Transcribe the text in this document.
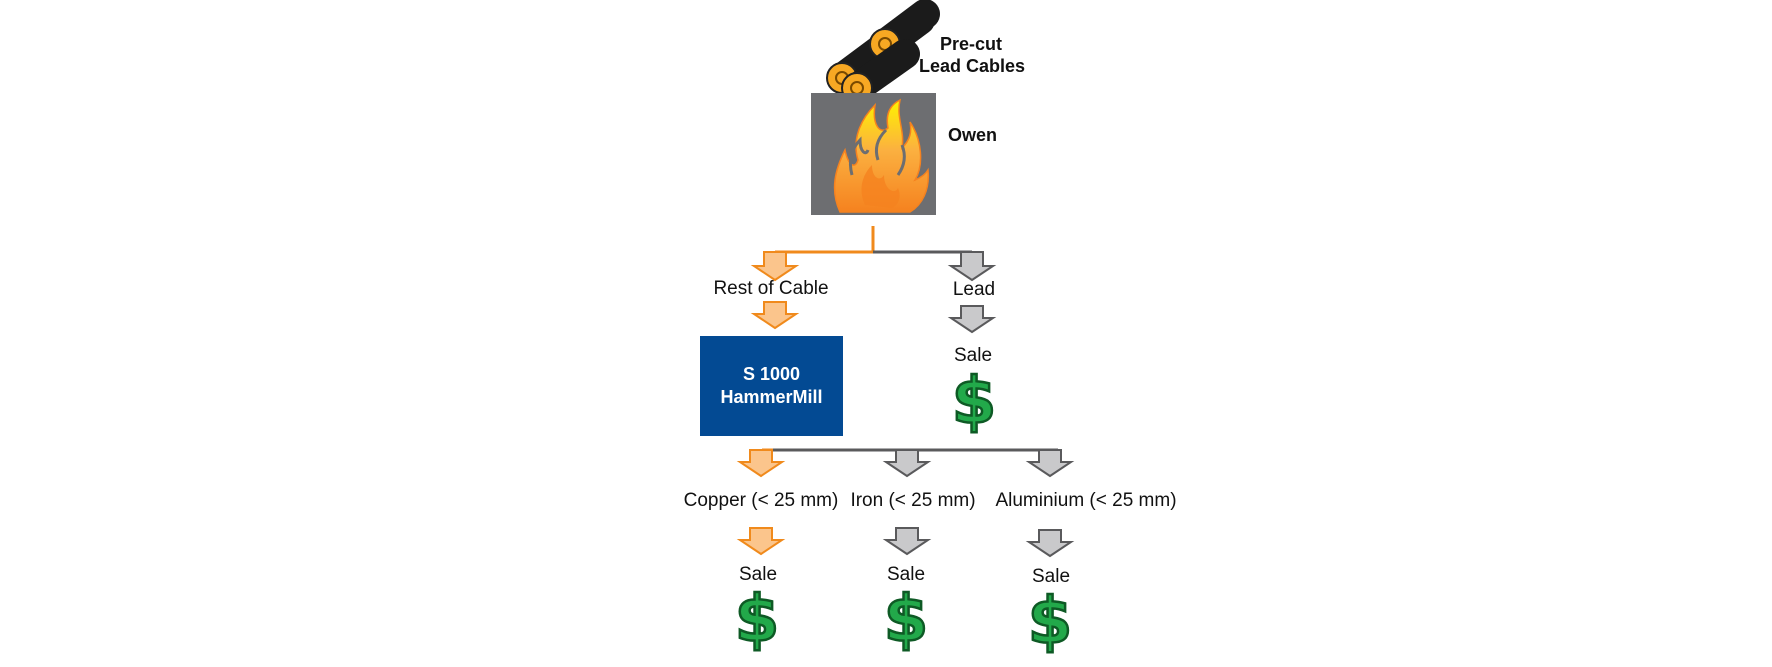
Pre-cut
Lead Cables
Owen
Rest of Cable	Lead
S 1000
HammerMill
Sale
$
Copper (< 25 mm) Iron (< 25 mm) Aluminium (< 25 mm)
Sale	Sale	Sale
$ $ $
